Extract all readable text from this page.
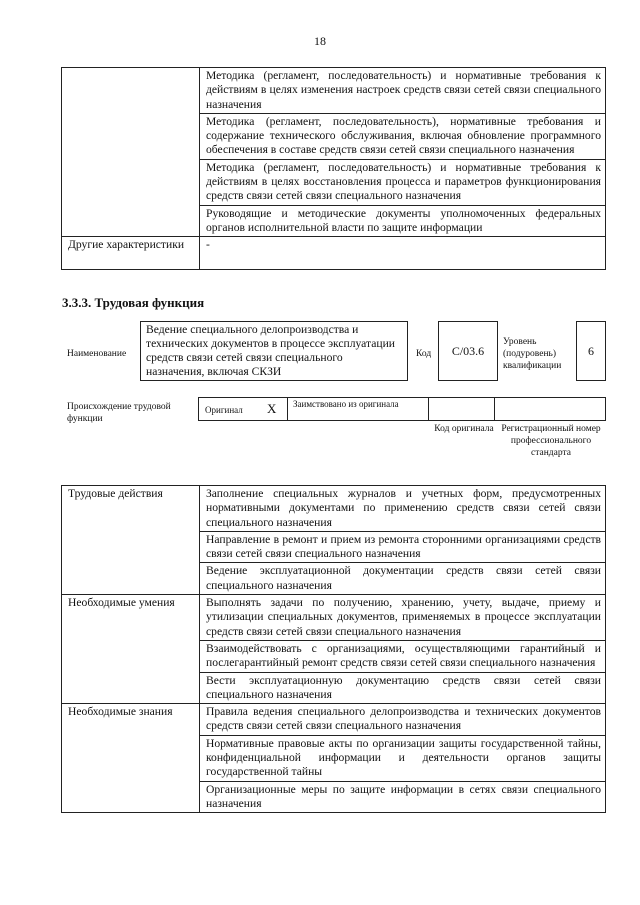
18
	Методика (регламент, последовательность) и нормативные требования к действиям в целях изменения настроек средств связи сетей связи специального назначения
	Методика (регламент, последовательность), нормативные требования и содержание технического обслуживания, включая обновление программного обеспечения в составе средств связи сетей связи специального назначения
	Методика (регламент, последовательность) и нормативные требования к действиям в целях восстановления процесса и параметров функционирования средств связи сетей связи специального назначения
	Руководящие и методические документы уполномоченных федеральных органов исполнительной власти по защите информации
Другие характеристики	-
3.3.3. Трудовая функция
Наименование
Ведение специального делопроизводства и технических документов в процессе эксплуатации средств связи сетей связи специального назначения, включая СКЗИ
Код	C/03.6
Уровень (подуровень) квалификации
6
Происхождение трудовой функции
Оригинал X Заимствовано из оригинала
Код оригинала Регистрационный номер профессионального стандарта
Трудовые действия	Заполнение специальных журналов и учетных форм, предусмотренных нормативными документами по применению средств связи сетей связи специального назначения
	Направление в ремонт и прием из ремонта сторонними организациями средств связи сетей связи специального назначения
	Ведение эксплуатационной документации средств связи сетей связи специального назначения
Необходимые умения	Выполнять задачи по получению, хранению, учету, выдаче, приему и утилизации специальных документов, применяемых в процессе эксплуатации средств связи сетей связи специального назначения
	Взаимодействовать с организациями, осуществляющими гарантийный и послегарантийный ремонт средств связи сетей связи специального назначения
	Вести эксплуатационную документацию средств связи сетей связи специального назначения
Необходимые знания	Правила ведения специального делопроизводства и технических документов средств связи сетей связи специального назначения
	Нормативные правовые акты по организации защиты государственной тайны, конфиденциальной информации и деятельности органов защиты государственной тайны
	Организационные меры по защите информации в сетях связи специального назначения
